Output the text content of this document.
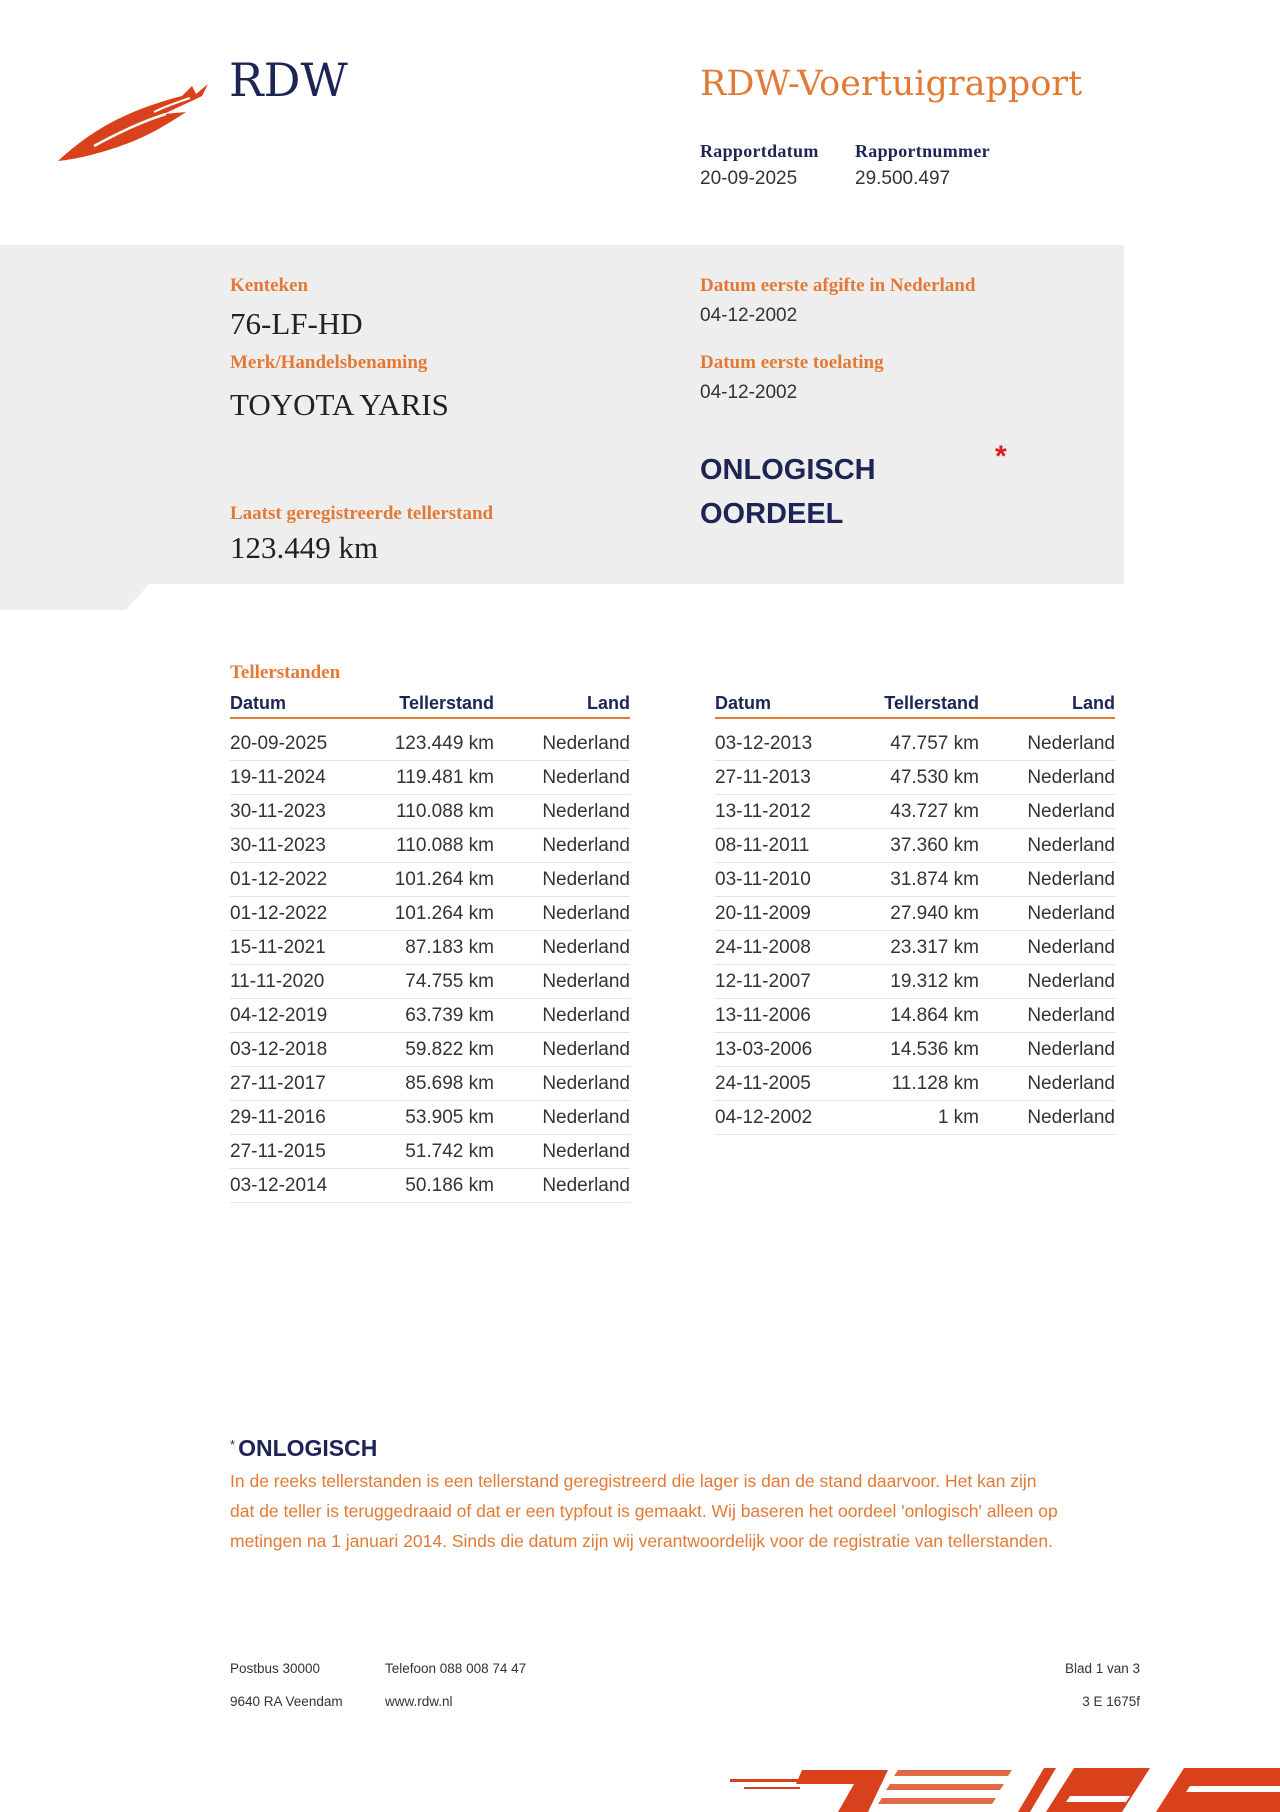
RDW	RDW-Voertuigrapport
Rapportdatum
20-09-2025
Rapportnummer
29.500.497
Kenteken
76-LF-HD
Merk/Handelsbenaming
TOYOTA YARIS
Laatst geregistreerde tellerstand
123.449 km
Datum eerste afgifte in Nederland
04-12-2002
Datum eerste toelating
04-12-2002
ONLOGISCH
OORDEEL
*
Tellerstanden
Datum	Tellerstand	Land
20-09-2025	123.449 km	Nederland
19-11-2024	119.481 km	Nederland
30-11-2023	110.088 km	Nederland
30-11-2023	110.088 km	Nederland
01-12-2022	101.264 km	Nederland
01-12-2022	101.264 km	Nederland
15-11-2021	87.183 km	Nederland
11-11-2020	74.755 km	Nederland
04-12-2019	63.739 km	Nederland
03-12-2018	59.822 km	Nederland
27-11-2017	85.698 km	Nederland
29-11-2016	53.905 km	Nederland
27-11-2015	51.742 km	Nederland
03-12-2014	50.186 km	Nederland
Datum	Tellerstand	Land
03-12-2013	47.757 km	Nederland
27-11-2013	47.530 km	Nederland
13-11-2012	43.727 km	Nederland
08-11-2011	37.360 km	Nederland
03-11-2010	31.874 km	Nederland
20-11-2009	27.940 km	Nederland
24-11-2008	23.317 km	Nederland
12-11-2007	19.312 km	Nederland
13-11-2006	14.864 km	Nederland
13-03-2006	14.536 km	Nederland
24-11-2005	11.128 km	Nederland
04-12-2002	1 km	Nederland
* ONLOGISCH
In de reeks tellerstanden is een tellerstand geregistreerd die lager is dan de stand daarvoor. Het kan zijn
dat de teller is teruggedraaid of dat er een typfout is gemaakt. Wij baseren het oordeel 'onlogisch' alleen op
metingen na 1 januari 2014. Sinds die datum zijn wij verantwoordelijk voor de registratie van tellerstanden.
Postbus 30000
9640 RA Veendam
Telefoon 088 008 74 47
www.rdw.nl
Blad 1 van 3
3 E 1675f
